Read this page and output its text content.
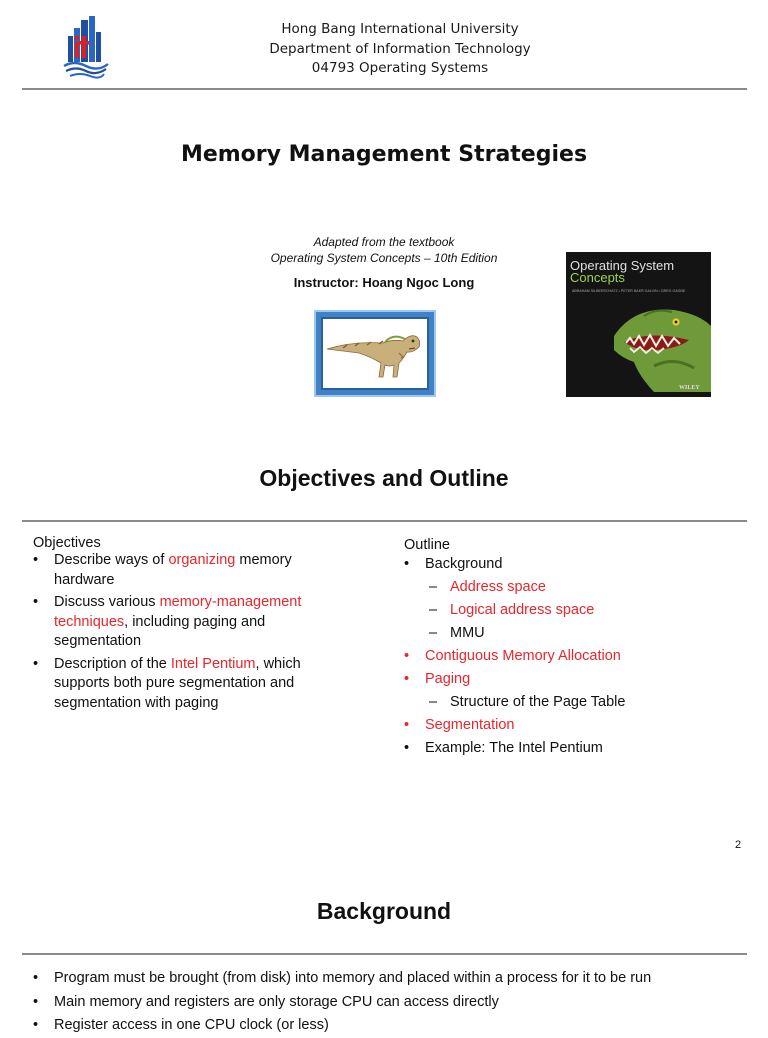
Hong Bang International University
Department of Information Technology
04793 Operating Systems
Memory Management Strategies
Adapted from the textbook
Operating System Concepts – 10th Edition
Instructor: Hoang Ngoc Long
Operating System
Concepts
ABRAHAM SILBERSCHATZ • PETER BAER GALVIN • GREG GAGNE
WILEY
Objectives and Outline
Objectives
• Describe ways of organizing memory hardware
• Discuss various memory-management techniques, including paging and segmentation
• Description of the Intel Pentium, which supports both pure segmentation and segmentation with paging
Outline
• Background
– Address space
– Logical address space
– MMU
• Contiguous Memory Allocation
• Paging
– Structure of the Page Table
• Segmentation
• Example: The Intel Pentium
2
Background
• Program must be brought (from disk) into memory and placed within a process for it to be run
• Main memory and registers are only storage CPU can access directly
• Register access in one CPU clock (or less)
